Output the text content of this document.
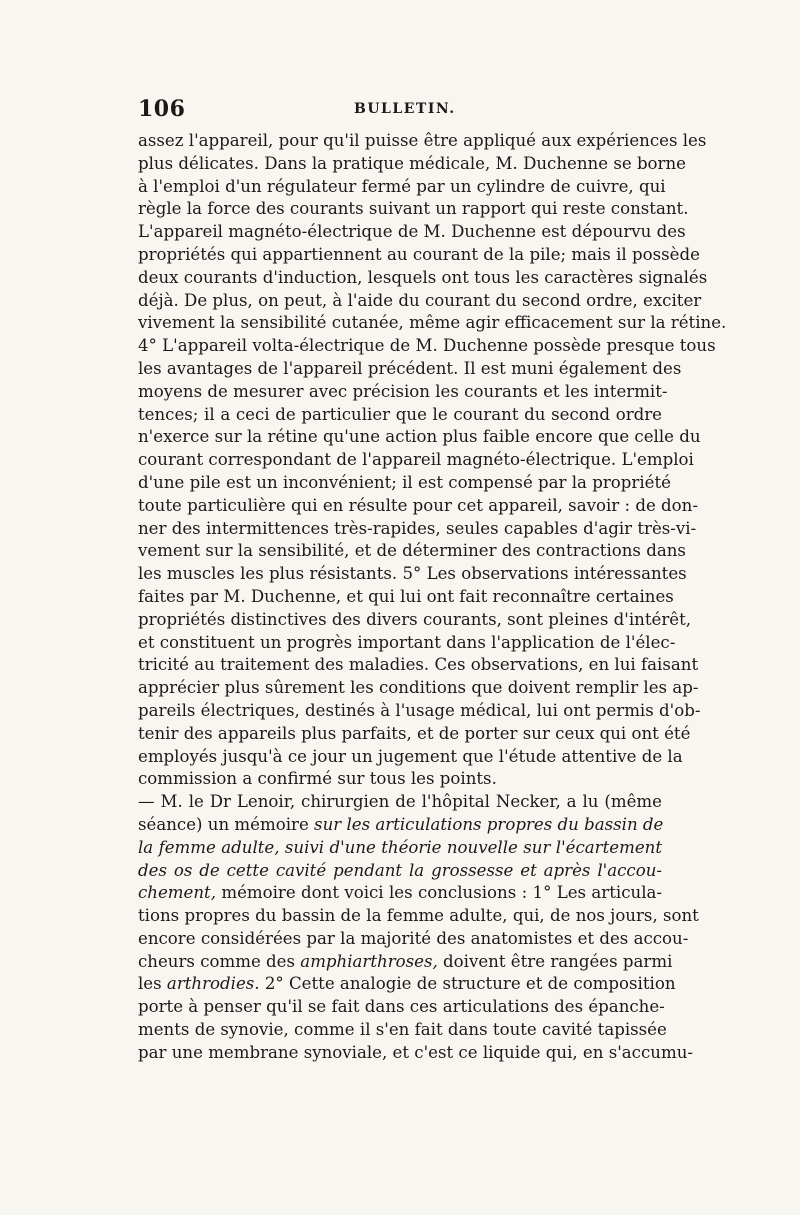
106	BULLETIN.
assez l'appareil, pour qu'il puisse être appliqué aux expériences les
plus délicates. Dans la pratique médicale, M. Duchenne se borne
à l'emploi d'un régulateur fermé par un cylindre de cuivre, qui
règle la force des courants suivant un rapport qui reste constant.
L'appareil magnéto-électrique de M. Duchenne est dépourvu des
propriétés qui appartiennent au courant de la pile; mais il possède
deux courants d'induction, lesquels ont tous les caractères signalés
déjà. De plus, on peut, à l'aide du courant du second ordre, exciter
vivement la sensibilité cutanée, même agir efficacement sur la rétine.
4° L'appareil volta-électrique de M. Duchenne possède presque tous
les avantages de l'appareil précédent. Il est muni également des
moyens de mesurer avec précision les courants et les intermit-
tences; il a ceci de particulier que le courant du second ordre
n'exerce sur la rétine qu'une action plus faible encore que celle du
courant correspondant de l'appareil magnéto-électrique. L'emploi
d'une pile est un inconvénient; il est compensé par la propriété
toute particulière qui en résulte pour cet appareil, savoir : de don-
ner des intermittences très-rapides, seules capables d'agir très-vi-
vement sur la sensibilité, et de déterminer des contractions dans
les muscles les plus résistants. 5° Les observations intéressantes
faites par M. Duchenne, et qui lui ont fait reconnaître certaines
propriétés distinctives des divers courants, sont pleines d'intérêt,
et constituent un progrès important dans l'application de l'élec-
tricité au traitement des maladies. Ces observations, en lui faisant
apprécier plus sûrement les conditions que doivent remplir les ap-
pareils électriques, destinés à l'usage médical, lui ont permis d'ob-
tenir des appareils plus parfaits, et de porter sur ceux qui ont été
employés jusqu'à ce jour un jugement que l'étude attentive de la
commission a confirmé sur tous les points.
— M. le Dr Lenoir, chirurgien de l'hôpital Necker, a lu (même
séance) un mémoire sur les articulations propres du bassin de
la femme adulte, suivi d'une théorie nouvelle sur l'écartement
des os de cette cavité pendant la grossesse et après l'accou-
chement, mémoire dont voici les conclusions : 1° Les articula-
tions propres du bassin de la femme adulte, qui, de nos jours, sont
encore considérées par la majorité des anatomistes et des accou-
cheurs comme des amphiarthroses, doivent être rangées parmi
les arthrodies. 2° Cette analogie de structure et de composition
porte à penser qu'il se fait dans ces articulations des épanche-
ments de synovie, comme il s'en fait dans toute cavité tapissée
par une membrane synoviale, et c'est ce liquide qui, en s'accumu-
